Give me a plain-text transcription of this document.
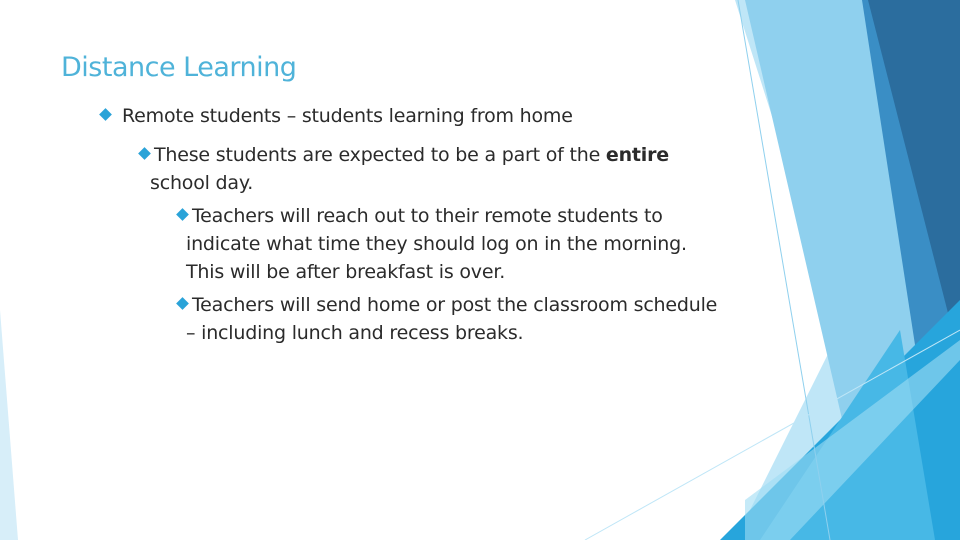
Distance Learning
Remote students – students learning from home
These students are expected to be a part of the entire
school day.
Teachers will reach out to their remote students to
indicate what time they should log on in the morning.
This will be after breakfast is over.
Teachers will send home or post the classroom schedule
– including lunch and recess breaks.
